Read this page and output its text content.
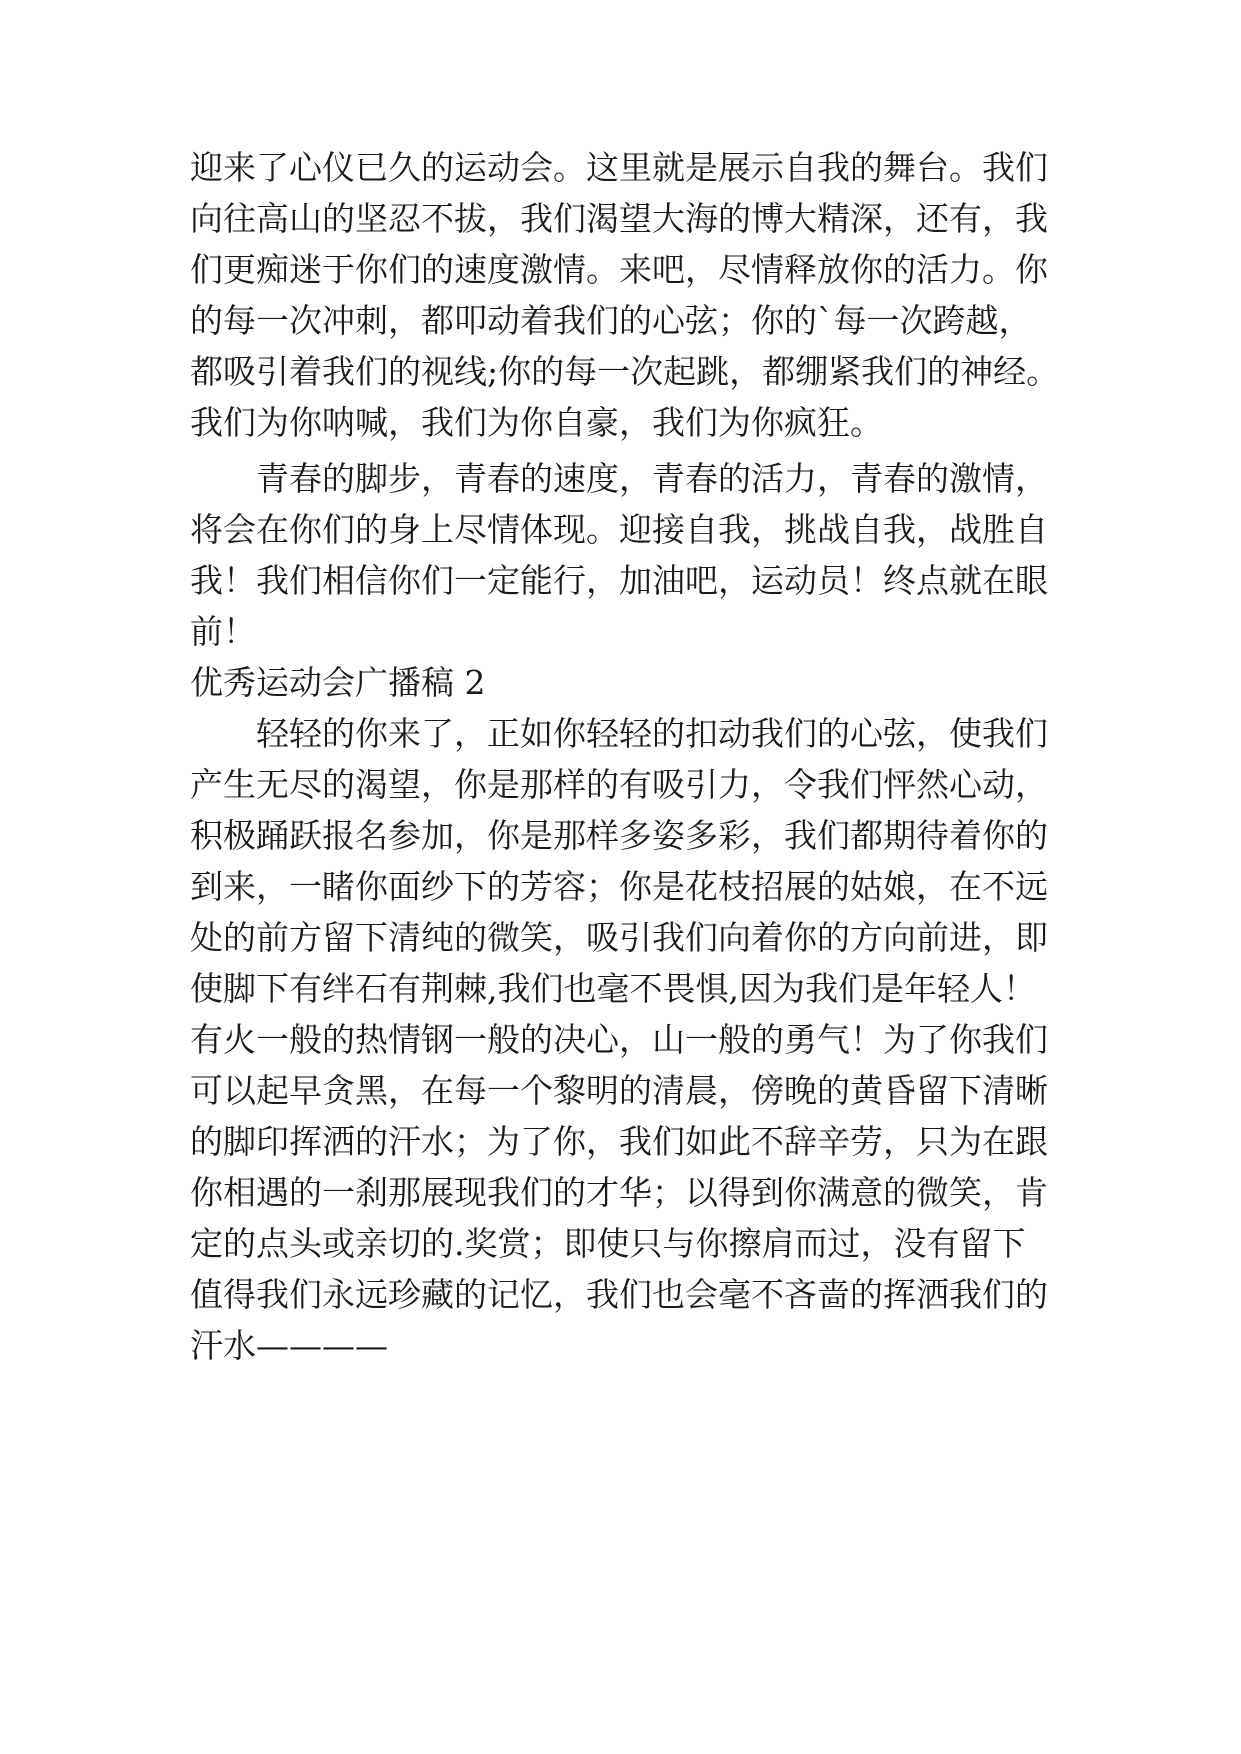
迎来了心仪已久的运动会。这里就是展示自我的舞台。我们

向往高山的坚忍不拔，我们渴望大海的博大精深，还有，我

们更痴迷于你们的速度激情。来吧，尽情释放你的活力。你

的每一次冲刺，都叩动着我们的心弦；你的`每一次跨越，

都吸引着我们的视线;你的每一次起跳，都绷紧我们的神经。

我们为你呐喊，我们为你自豪，我们为你疯狂。

青春的脚步，青春的速度，青春的活力，青春的激情，

将会在你们的身上尽情体现。迎接自我，挑战自我，战胜自

我！我们相信你们一定能行，加油吧，运动员！终点就在眼

前！

优秀运动会广播稿 2

轻轻的你来了，正如你轻轻的扣动我们的心弦，使我们

产生无尽的渴望，你是那样的有吸引力，令我们怦然心动，

积极踊跃报名参加，你是那样多姿多彩，我们都期待着你的

到来，一睹你面纱下的芳容；你是花枝招展的姑娘，在不远

处的前方留下清纯的微笑，吸引我们向着你的方向前进，即

使脚下有绊石有荆棘,我们也毫不畏惧,因为我们是年轻人！

有火一般的热情钢一般的决心，山一般的勇气！为了你我们

可以起早贪黑，在每一个黎明的清晨，傍晚的黄昏留下清晰

的脚印挥洒的汗水；为了你，我们如此不辞辛劳，只为在跟

你相遇的一刹那展现我们的才华；以得到你满意的微笑，肯

定的点头或亲切的.奖赏；即使只与你擦肩而过，没有留下

值得我们永远珍藏的记忆，我们也会毫不吝啬的挥洒我们的

汗水————
